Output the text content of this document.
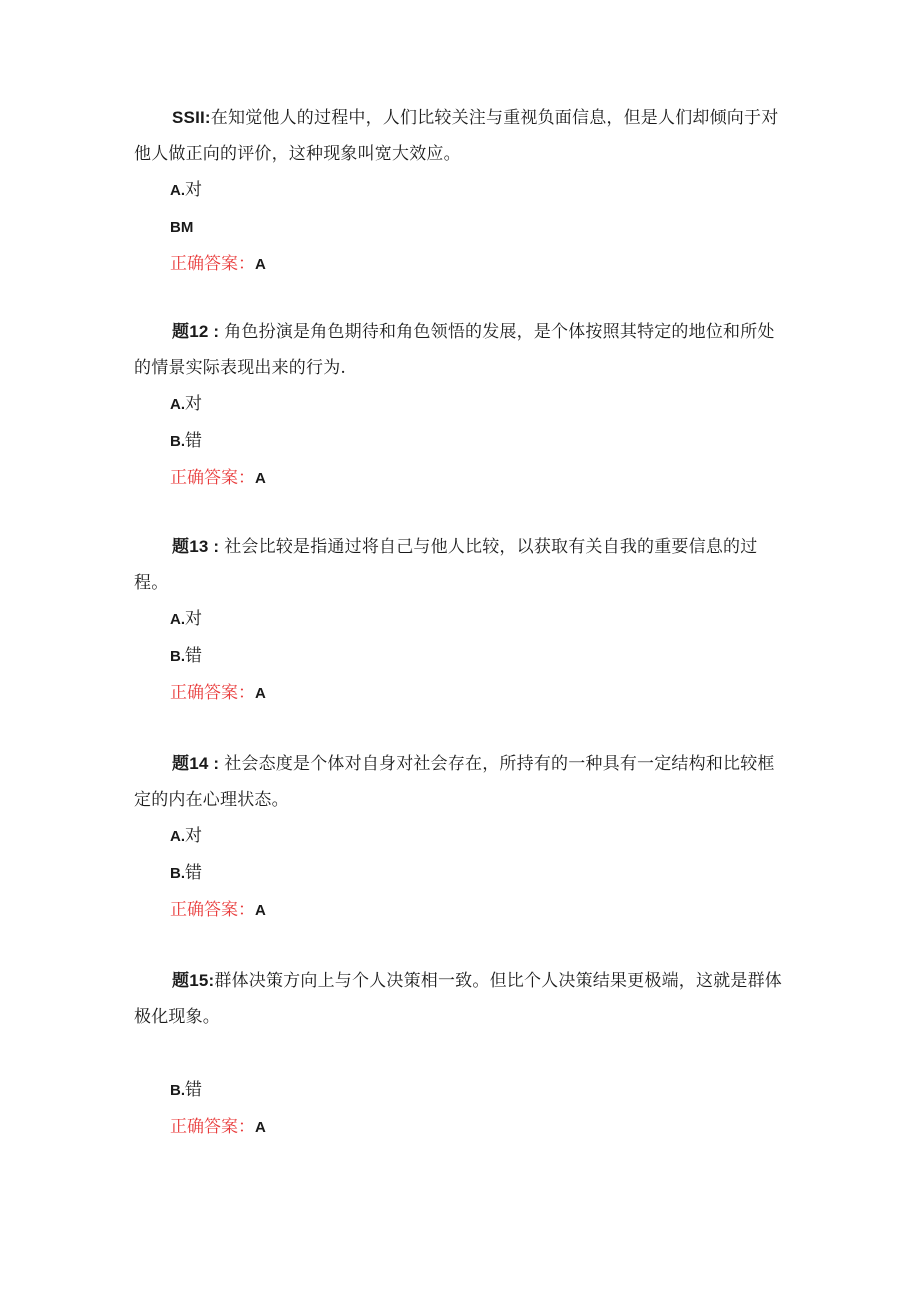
SSII:在知觉他人的过程中，人们比较关注与重视负面信息，但是人们却倾向于对他人做正向的评价，这种现象叫宽大效应。

A.对

BM

正确答案：A

题12 : 角色扮演是角色期待和角色领悟的发展，是个体按照其特定的地位和所处的情景实际表现出来的行为.

A.对

B.错

正确答案：A

题13 : 社会比较是指通过将自己与他人比较，以获取有关自我的重要信息的过程。

A.对

B.错

正确答案：A

题14 : 社会态度是个体对自身对社会存在，所持有的一种具有一定结构和比较框定的内在心理状态。

A.对

B.错

正确答案：A

题15:群体决策方向上与个人决策相一致。但比个人决策结果更极端，这就是群体极化现象。

B.错

正确答案：A
